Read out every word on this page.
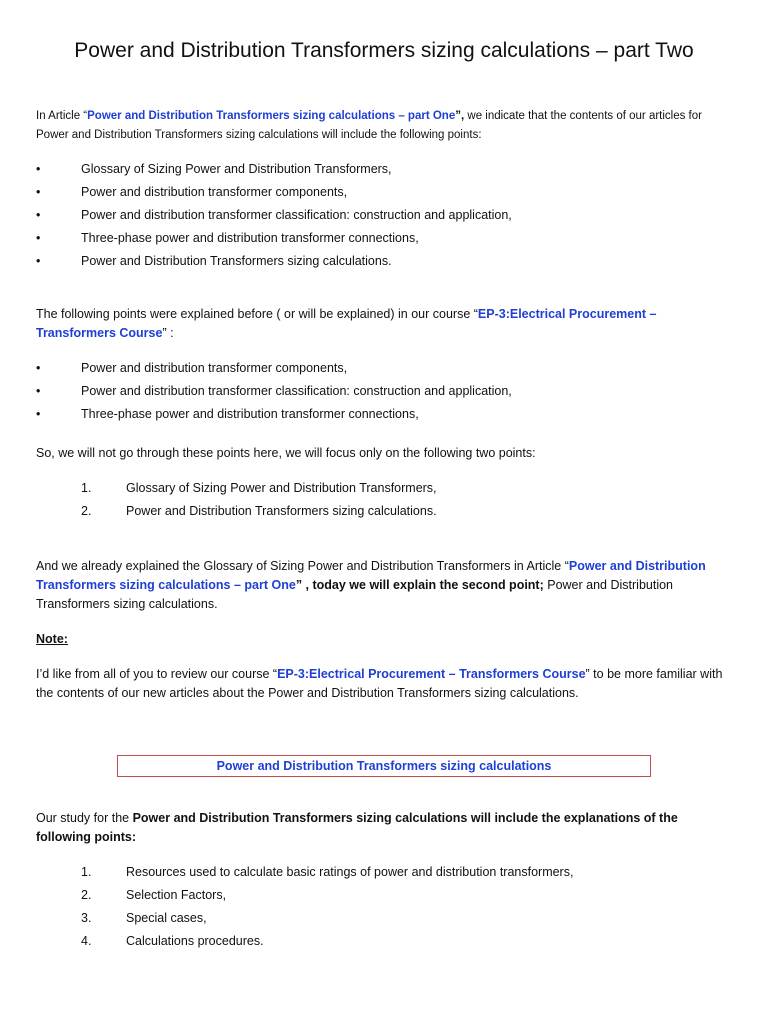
Power and Distribution Transformers sizing calculations – part Two
In Article “Power and Distribution Transformers sizing calculations – part One”, we indicate that the contents of our articles for Power and Distribution Transformers sizing calculations will include the following points:
•	Glossary of Sizing Power and Distribution Transformers,
•	Power and distribution transformer components,
•	Power and distribution transformer classification: construction and application,
•	Three-phase power and distribution transformer connections,
•	Power and Distribution Transformers sizing calculations.
The following points were explained before ( or will be explained) in our course “EP-3:Electrical Procurement – Transformers Course” :
•	Power and distribution transformer components,
•	Power and distribution transformer classification: construction and application,
•	Three-phase power and distribution transformer connections,
So, we will not go through these points here, we will focus only on the following two points:
1.	Glossary of Sizing Power and Distribution Transformers,
2.	Power and Distribution Transformers sizing calculations.
And we already explained the Glossary of Sizing Power and Distribution Transformers in Article “Power and Distribution Transformers sizing calculations – part One” , today we will explain the second point; Power and Distribution Transformers sizing calculations.
Note:
I’d like from all of you to review our course “EP-3:Electrical Procurement – Transformers Course” to be more familiar with the contents of our new articles about the Power and Distribution Transformers sizing calculations.
Power and Distribution Transformers sizing calculations
Our study for the Power and Distribution Transformers sizing calculations will include the explanations of the following points:
1.	Resources used to calculate basic ratings of power and distribution transformers,
2.	Selection Factors,
3.	Special cases,
4.	Calculations procedures.
